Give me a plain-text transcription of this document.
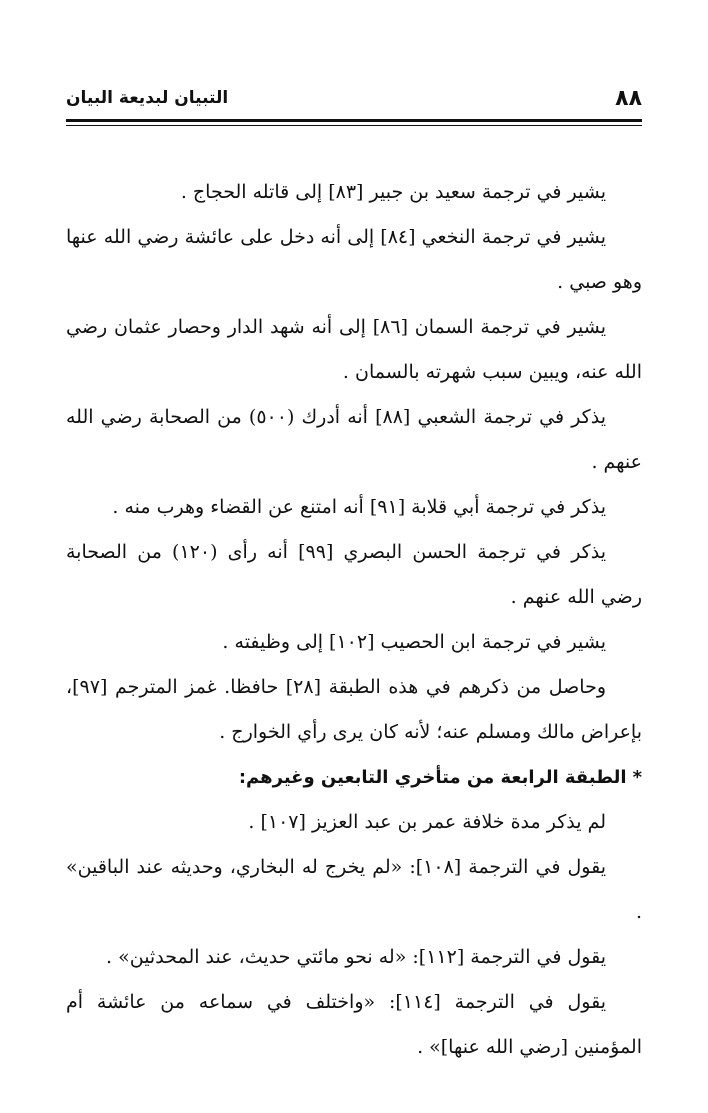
٨٨
التبيان لبديعة البيان

يشير في ترجمة سعيد بن جبير [٨٣] إلى قاتله الحجاج .

يشير في ترجمة النخعي [٨٤] إلى أنه دخل على عائشة رضي الله عنها وهو صبي .

يشير في ترجمة السمان [٨٦] إلى أنه شهد الدار وحصار عثمان رضي الله عنه، ويبين سبب شهرته بالسمان .

يذكر في ترجمة الشعبي [٨٨] أنه أدرك (٥٠٠) من الصحابة رضي الله عنهم .

يذكر في ترجمة أبي قلابة [٩١] أنه امتنع عن القضاء وهرب منه .

يذكر في ترجمة الحسن البصري [٩٩] أنه رأى (١٢٠) من الصحابة رضي الله عنهم .

يشير في ترجمة ابن الحصيب [١٠٢] إلى وظيفته .

وحاصل من ذكرهم في هذه الطبقة [٢٨] حافظا. غمز المترجم [٩٧]، بإعراض مالك ومسلم عنه؛ لأنه كان يرى رأي الخوارج .

*الطبقة الرابعة من متأخري التابعين وغيرهم:

لم يذكر مدة خلافة عمر بن عبد العزيز [١٠٧] .

يقول في الترجمة [١٠٨]: «لم يخرج له البخاري، وحديثه عند الباقين» .

يقول في الترجمة [١١٢]: «له نحو مائتي حديث، عند المحدثين» .

يقول في الترجمة [١١٤]: «واختلف في سماعه من عائشة أم المؤمنين [رضي الله عنها]» .
